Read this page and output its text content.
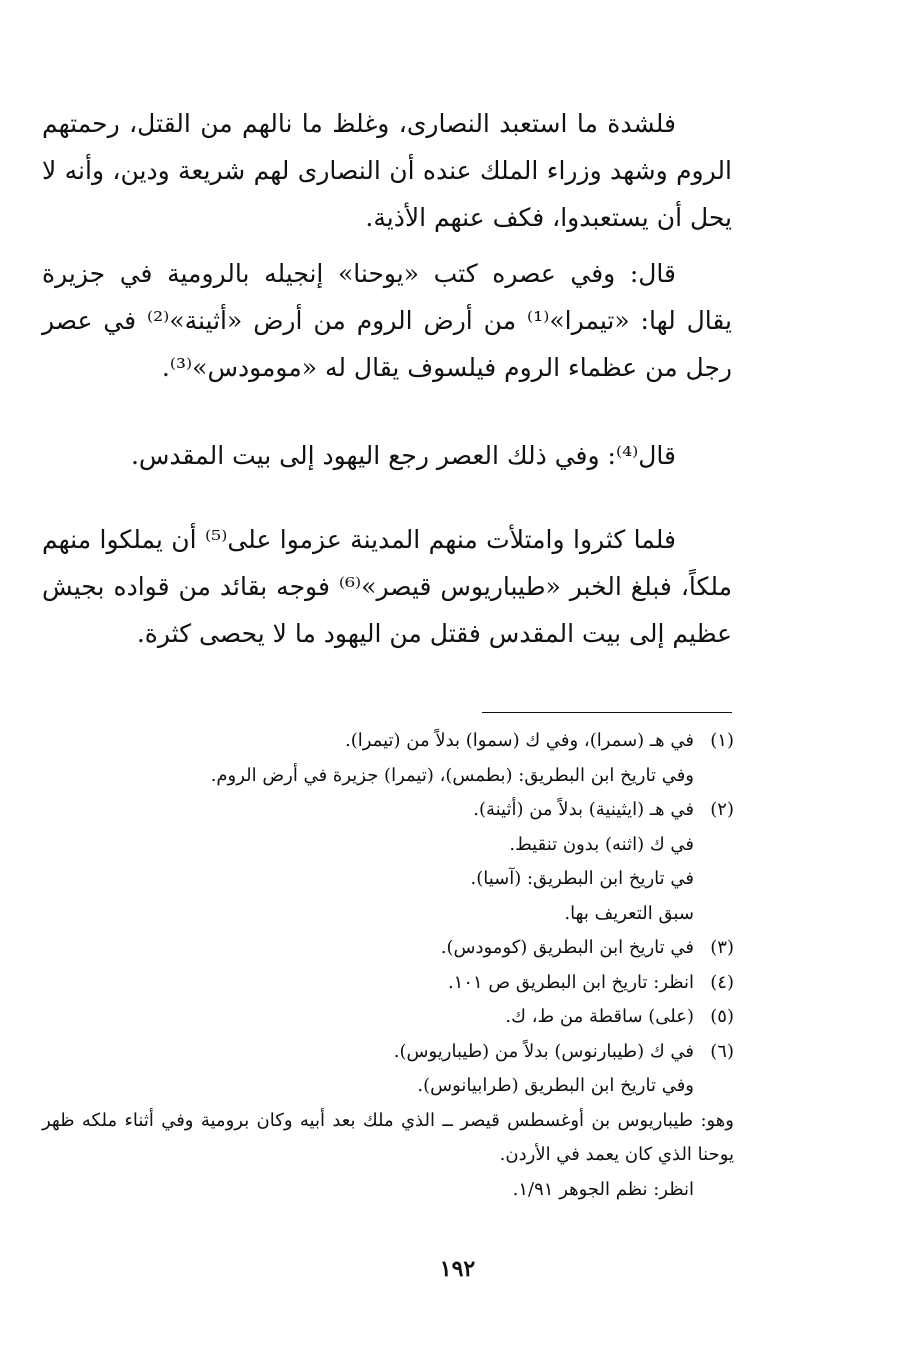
فلشدة ما استعبد النصارى، وغلظ ما نالهم من القتل، رحمتهم الروم وشهد وزراء الملك عنده أن النصارى لهم شريعة ودين، وأنه لا يحل أن يستعبدوا، فكف عنهم الأذية.

قال: وفي عصره كتب «يوحنا» إنجيله بالرومية في جزيرة يقال لها: «تيمرا»⁽¹⁾ من أرض الروم من أرض «أثينة»⁽²⁾ في عصر رجل من عظماء الروم فيلسوف يقال له «مومودس»⁽³⁾.

قال⁽⁴⁾: وفي ذلك العصر رجع اليهود إلى بيت المقدس.

فلما كثروا وامتلأت منهم المدينة عزموا على⁽⁵⁾ أن يملكوا منهم ملكاً، فبلغ الخبر «طيباريوس قيصر»⁽⁶⁾ فوجه بقائد من قواده بجيش عظيم إلى بيت المقدس فقتل من اليهود ما لا يحصى كثرة.

(١)
في هـ (سمرا)، وفي ك (سموا) بدلاً من (تيمرا).
وفي تاريخ ابن البطريق: (بطمس)، (تيمرا) جزيرة في أرض الروم.
(٢)
في هـ (ايثينية) بدلاً من (أثينة).
في ك (اثنه) بدون تنقيط.
في تاريخ ابن البطريق: (آسيا).
سبق التعريف بها.
(٣)
في تاريخ ابن البطريق (كومودس).
(٤)
انظر: تاريخ ابن البطريق ص ١٠١.
(٥)
(على) ساقطة من ط، ك.
(٦)
في ك (طيبارنوس) بدلاً من (طيباريوس).
وفي تاريخ ابن البطريق (طرابيانوس).
وهو: طيباريوس بن أوغسطس قيصر ــ الذي ملك بعد أبيه وكان برومية وفي أثناء ملكه ظهر يوحنا الذي كان يعمد في الأردن.
انظر: نظم الجوهر ١/٩١.
١٩٢
